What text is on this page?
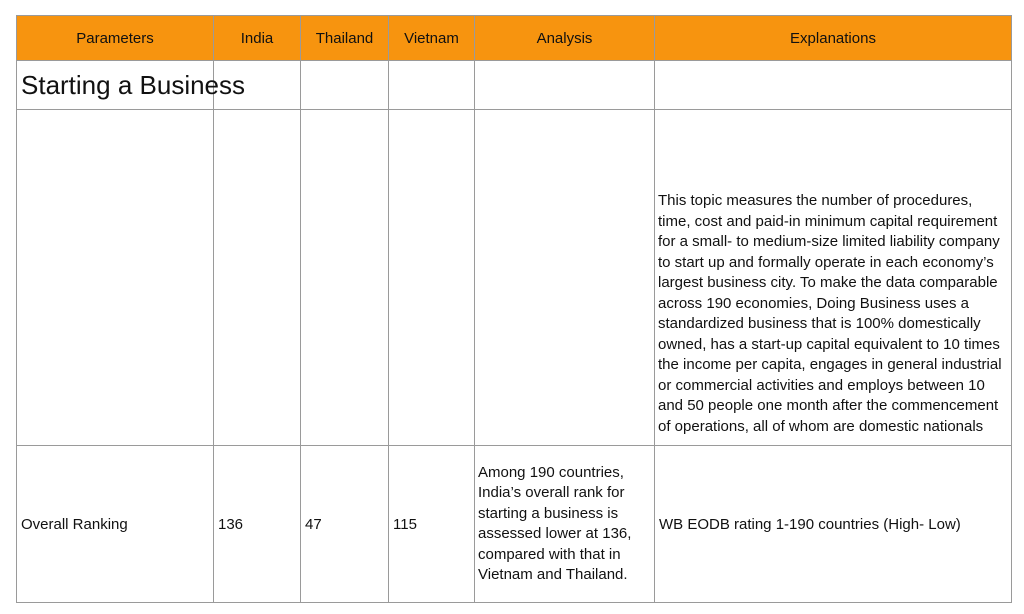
Parameters	India	Thailand	Vietnam	Analysis	Explanations
Starting a Business					
					This topic measures the number of procedures, time, cost and paid-in minimum capital requirement for a small- to medium-size limited liability company to start up and formally operate in each economy’s largest business city. To make the data comparable across 190 economies, Doing Business uses a standardized business that is 100% domestically owned, has a start-up capital equivalent to 10 times the income per capita, engages in general industrial or commercial activities and employs between 10 and 50 people one month after the commencement of operations, all of whom are domestic nationals
Overall Ranking	136	47	115	Among 190 countries, India’s overall rank for starting a business is assessed lower at 136, compared with that in Vietnam and Thailand.	WB EODB rating 1-190 countries (High- Low)
